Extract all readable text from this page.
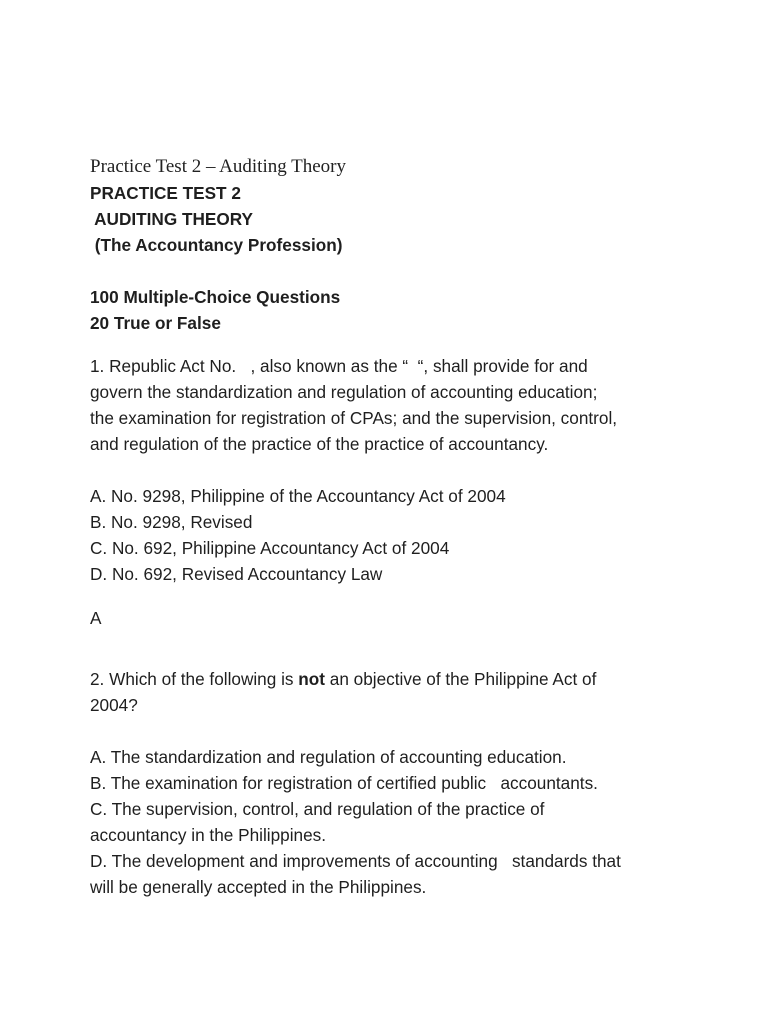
Practice Test 2 – Auditing Theory

PRACTICE TEST 2
AUDITING THEORY
(The Accountancy Profession)
100 Multiple-Choice Questions
20 True or False
1. Republic Act No.   , also known as the “  “, shall provide for and
govern the standardization and regulation of accounting education;
the examination for registration of CPAs; and the supervision, control,
and regulation of the practice of the practice of accountancy.
A. No. 9298, Philippine of the Accountancy Act of 2004
B. No. 9298, Revised
C. No. 692, Philippine Accountancy Act of 2004
D. No. 692, Revised Accountancy Law
A
2. Which of the following is not an objective of the Philippine Act of
2004?
A. The standardization and regulation of accounting education.
B. The examination for registration of certified public   accountants.
C. The supervision, control, and regulation of the practice of
accountancy in the Philippines.
D. The development and improvements of accounting   standards that
will be generally accepted in the Philippines.
